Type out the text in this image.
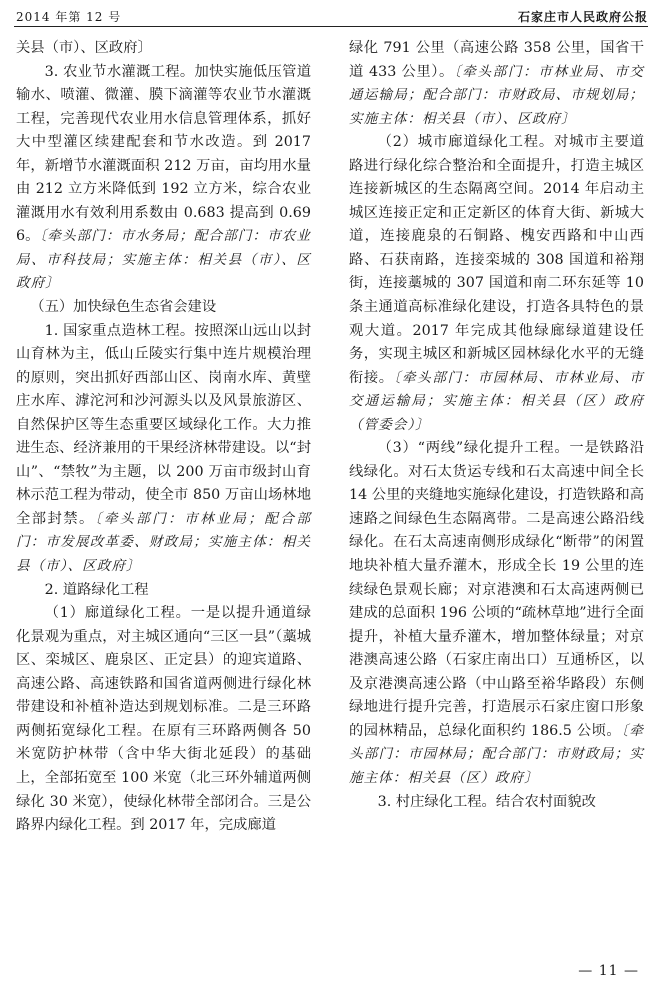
2014 年第 12 号	石家庄市人民政府公报

关县（市）、区政府〕

3. 农业节水灌溉工程。加快实施低压管道输水、喷灌、微灌、膜下滴灌等农业节水灌溉工程，完善现代农业用水信息管理体系，抓好大中型灌区续建配套和节水改造。到 2017 年，新增节水灌溉面积 212 万亩，亩均用水量由 212 立方米降低到 192 立方米，综合农业灌溉用水有效利用系数由 0.683 提高到 0.696。〔牵头部门：市水务局；配合部门：市农业局、市科技局；实施主体：相关县（市）、区政府〕

（五）加快绿色生态省会建设

1. 国家重点造林工程。按照深山远山以封山育林为主，低山丘陵实行集中连片规模治理的原则，突出抓好西部山区、岗南水库、黄壁庄水库、滹沱河和沙河源头以及风景旅游区、自然保护区等生态重要区域绿化工作。大力推进生态、经济兼用的干果经济林带建设。以“封山”、“禁牧”为主题，以 200 万亩市级封山育林示范工程为带动，使全市 850 万亩山场林地全部封禁。〔牵头部门：市林业局；配合部门：市发展改革委、财政局；实施主体：相关县（市）、区政府〕

2. 道路绿化工程

（1）廊道绿化工程。一是以提升通道绿化景观为重点，对主城区通向“三区一县”（藁城区、栾城区、鹿泉区、正定县）的迎宾道路、高速公路、高速铁路和国省道两侧进行绿化林带建设和补植补造达到规划标准。二是三环路两侧拓宽绿化工程。在原有三环路两侧各 50 米宽防护林带（含中华大街北延段）的基础上，全部拓宽至 100 米宽（北三环外辅道两侧绿化 30 米宽），使绿化林带全部闭合。三是公路界内绿化工程。到 2017 年，完成廊道

绿化 791 公里（高速公路 358 公里，国省干道 433 公里）。〔牵头部门：市林业局、市交通运输局；配合部门：市财政局、市规划局；实施主体：相关县（市）、区政府〕

（2）城市廊道绿化工程。对城市主要道路进行绿化综合整治和全面提升，打造主城区连接新城区的生态隔离空间。2014 年启动主城区连接正定和正定新区的体育大街、新城大道，连接鹿泉的石铜路、槐安西路和中山西路、石获南路，连接栾城的 308 国道和裕翔街，连接藁城的 307 国道和南二环东延等 10 条主通道高标准绿化建设，打造各具特色的景观大道。2017 年完成其他绿廊绿道建设任务，实现主城区和新城区园林绿化水平的无缝衔接。〔牵头部门：市园林局、市林业局、市交通运输局；实施主体：相关县（区）政府（管委会）〕

（3）“两线”绿化提升工程。一是铁路沿线绿化。对石太货运专线和石太高速中间全长 14 公里的夹缝地实施绿化建设，打造铁路和高速路之间绿色生态隔离带。二是高速公路沿线绿化。在石太高速南侧形成绿化“断带”的闲置地块补植大量乔灌木，形成全长 19 公里的连续绿色景观长廊；对京港澳和石太高速两侧已建成的总面积 196 公顷的“疏林草地”进行全面提升，补植大量乔灌木，增加整体绿量；对京港澳高速公路（石家庄南出口）互通桥区，以及京港澳高速公路（中山路至裕华路段）东侧绿地进行提升完善，打造展示石家庄窗口形象的园林精品，总绿化面积约 186.5 公顷。〔牵头部门：市园林局；配合部门：市财政局；实施主体：相关县（区）政府〕

3. 村庄绿化工程。结合农村面貌改

— 11 —
